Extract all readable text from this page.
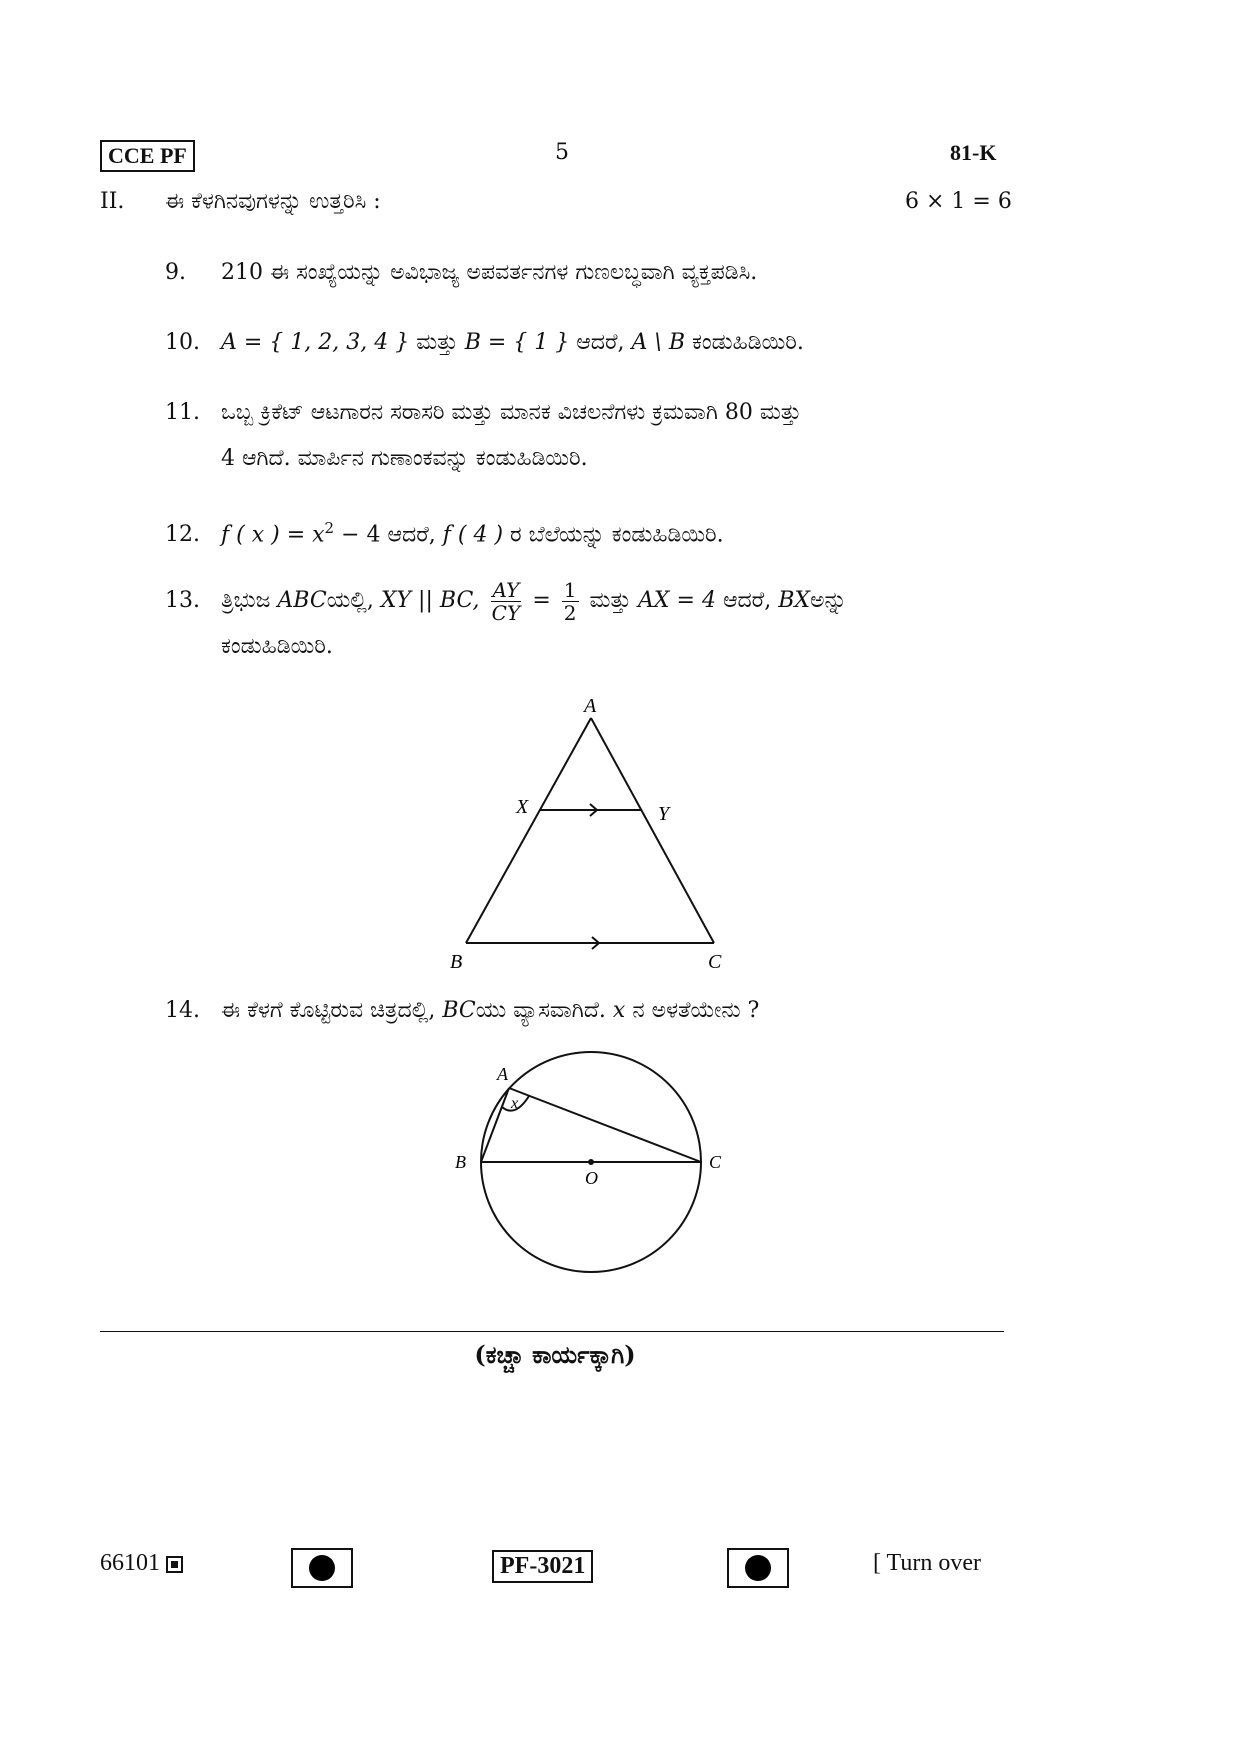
CCE PF	5	81-K
II. ಈ ಕೆಳಗಿನವುಗಳನ್ನು ಉತ್ತರಿಸಿ :	6 × 1 = 6
9. 210 ಈ ಸಂಖ್ಯೆಯನ್ನು ಅವಿಭಾಜ್ಯ ಅಪವರ್ತನಗಳ ಗುಣಲಬ್ಧವಾಗಿ ವ್ಯಕ್ತಪಡಿಸಿ.
10. A = { 1, 2, 3, 4 } ಮತ್ತು B = { 1 } ಆದರೆ, A \ B ಕಂಡುಹಿಡಿಯಿರಿ.
11. ಒಬ್ಬ ಕ್ರಿಕೆಟ್ ಆಟಗಾರನ ಸರಾಸರಿ ಮತ್ತು ಮಾನಕ ವಿಚಲನೆಗಳು ಕ್ರಮವಾಗಿ 80 ಮತ್ತು
4 ಆಗಿದೆ. ಮಾರ್ಪಿನ ಗುಣಾಂಕವನ್ನು ಕಂಡುಹಿಡಿಯಿರಿ.
12. f ( x ) = $x^2 - 4$ ಆದರೆ, f ( 4 ) ರ ಬೆಲೆಯನ್ನು ಕಂಡುಹಿಡಿಯಿರಿ.
13. ತ್ರಿಭುಜ ABCಯಲ್ಲಿ, XY || BC, $\frac{AY}{CY} = \frac{1}{2}$ ಮತ್ತು AX = 4 ಆದರೆ, BXಅನ್ನು
ಕಂಡುಹಿಡಿಯಿರಿ.
A
B	C
X	Y
14. ಈ ಕೆಳಗೆ ಕೊಟ್ಟಿರುವ ಚಿತ್ರದಲ್ಲಿ, BCಯು ವ್ಯಾಸವಾಗಿದೆ. x ನ ಅಳತೆಯೇನು ?
A
B	C
O
x
(ಕಚ್ಚಾ ಕಾರ್ಯಕ್ಕಾಗಿ)
66101	PF-3021	[ Turn over
